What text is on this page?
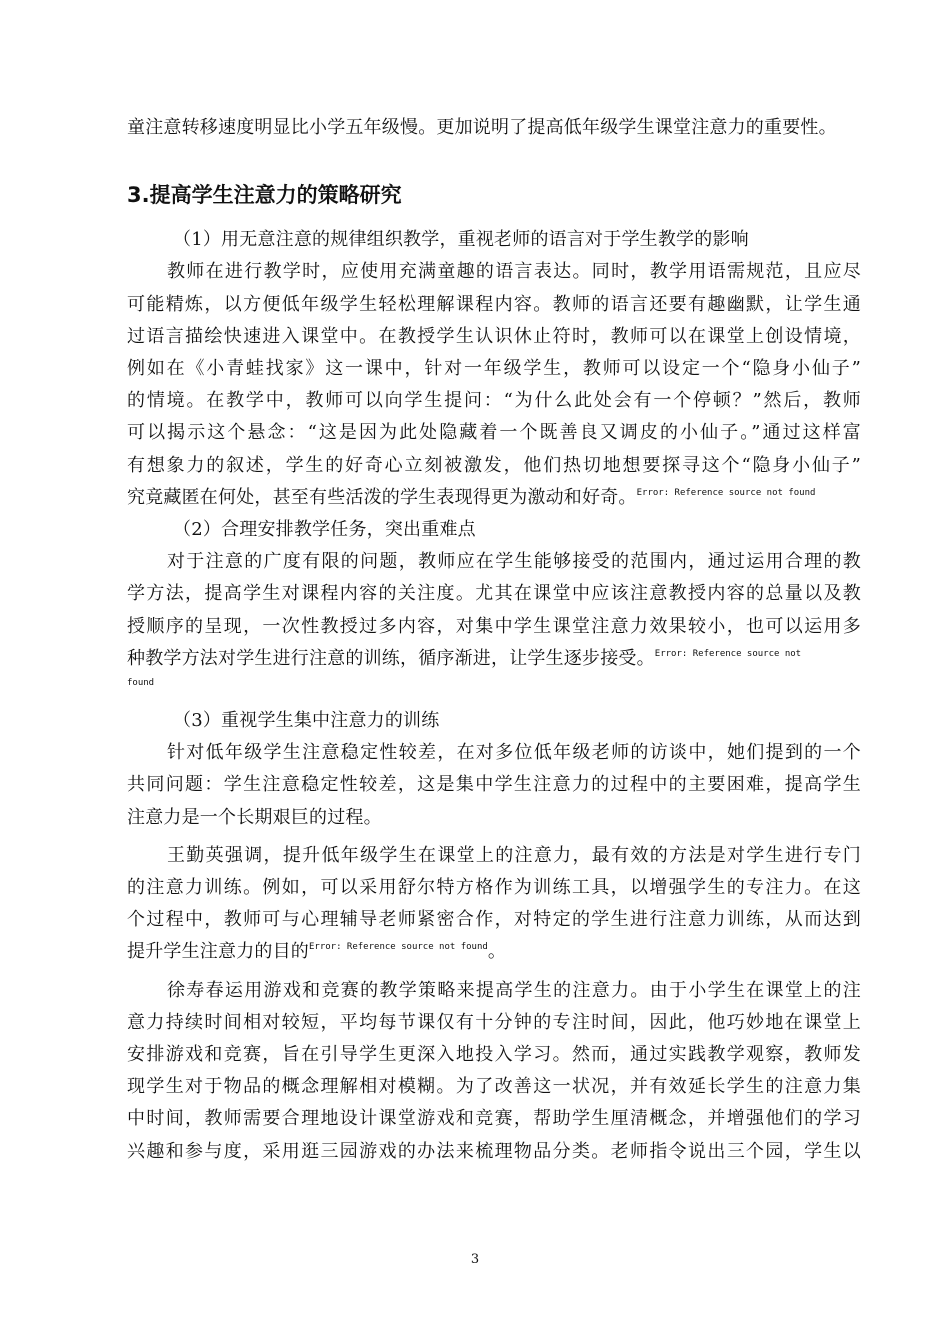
童注意转移速度明显比小学五年级慢。更加说明了提高低年级学生课堂注意力的重要性。
3.提高学生注意力的策略研究
（1）用无意注意的规律组织教学，重视老师的语言对于学生教学的影响
教师在进行教学时，应使用充满童趣的语言表达。同时，教学用语需规范，且应尽
可能精炼，以方便低年级学生轻松理解课程内容。教师的语言还要有趣幽默，让学生通
过语言描绘快速进入课堂中。在教授学生认识休止符时，教师可以在课堂上创设情境，
例如在《小青蛙找家》这一课中，针对一年级学生，教师可以设定一个“隐身小仙子”
的情境。在教学中，教师可以向学生提问：“为什么此处会有一个停顿？”然后，教师
可以揭示这个悬念：“这是因为此处隐藏着一个既善良又调皮的小仙子。”通过这样富
有想象力的叙述，学生的好奇心立刻被激发，他们热切地想要探寻这个“隐身小仙子”
究竟藏匿在何处，甚至有些活泼的学生表现得更为激动和好奇。$^{Error: Reference source not found}$
（2）合理安排教学任务，突出重难点
对于注意的广度有限的问题，教师应在学生能够接受的范围内，通过运用合理的教
学方法，提高学生对课程内容的关注度。尤其在课堂中应该注意教授内容的总量以及教
授顺序的呈现，一次性教授过多内容，对集中学生课堂注意力效果较小，也可以运用多
种教学方法对学生进行注意的训练，循序渐进，让学生逐步接受。$^{Error: Reference source not}$
found
（3）重视学生集中注意力的训练
针对低年级学生注意稳定性较差，在对多位低年级老师的访谈中，她们提到的一个
共同问题：学生注意稳定性较差，这是集中学生注意力的过程中的主要困难，提高学生
注意力是一个长期艰巨的过程。
王勤英强调，提升低年级学生在课堂上的注意力，最有效的方法是对学生进行专门
的注意力训练。例如，可以采用舒尔特方格作为训练工具，以增强学生的专注力。在这
个过程中，教师可与心理辅导老师紧密合作，对特定的学生进行注意力训练，从而达到
提升学生注意力的目的$^{Error: Reference source not found}$。
徐寿春运用游戏和竞赛的教学策略来提高学生的注意力。由于小学生在课堂上的注
意力持续时间相对较短，平均每节课仅有十分钟的专注时间，因此，他巧妙地在课堂上
安排游戏和竞赛，旨在引导学生更深入地投入学习。然而，通过实践教学观察，教师发
现学生对于物品的概念理解相对模糊。为了改善这一状况，并有效延长学生的注意力集
中时间，教师需要合理地设计课堂游戏和竞赛，帮助学生厘清概念，并增强他们的学习
兴趣和参与度，采用逛三园游戏的办法来梳理物品分类。老师指令说出三个园，学生以
3
